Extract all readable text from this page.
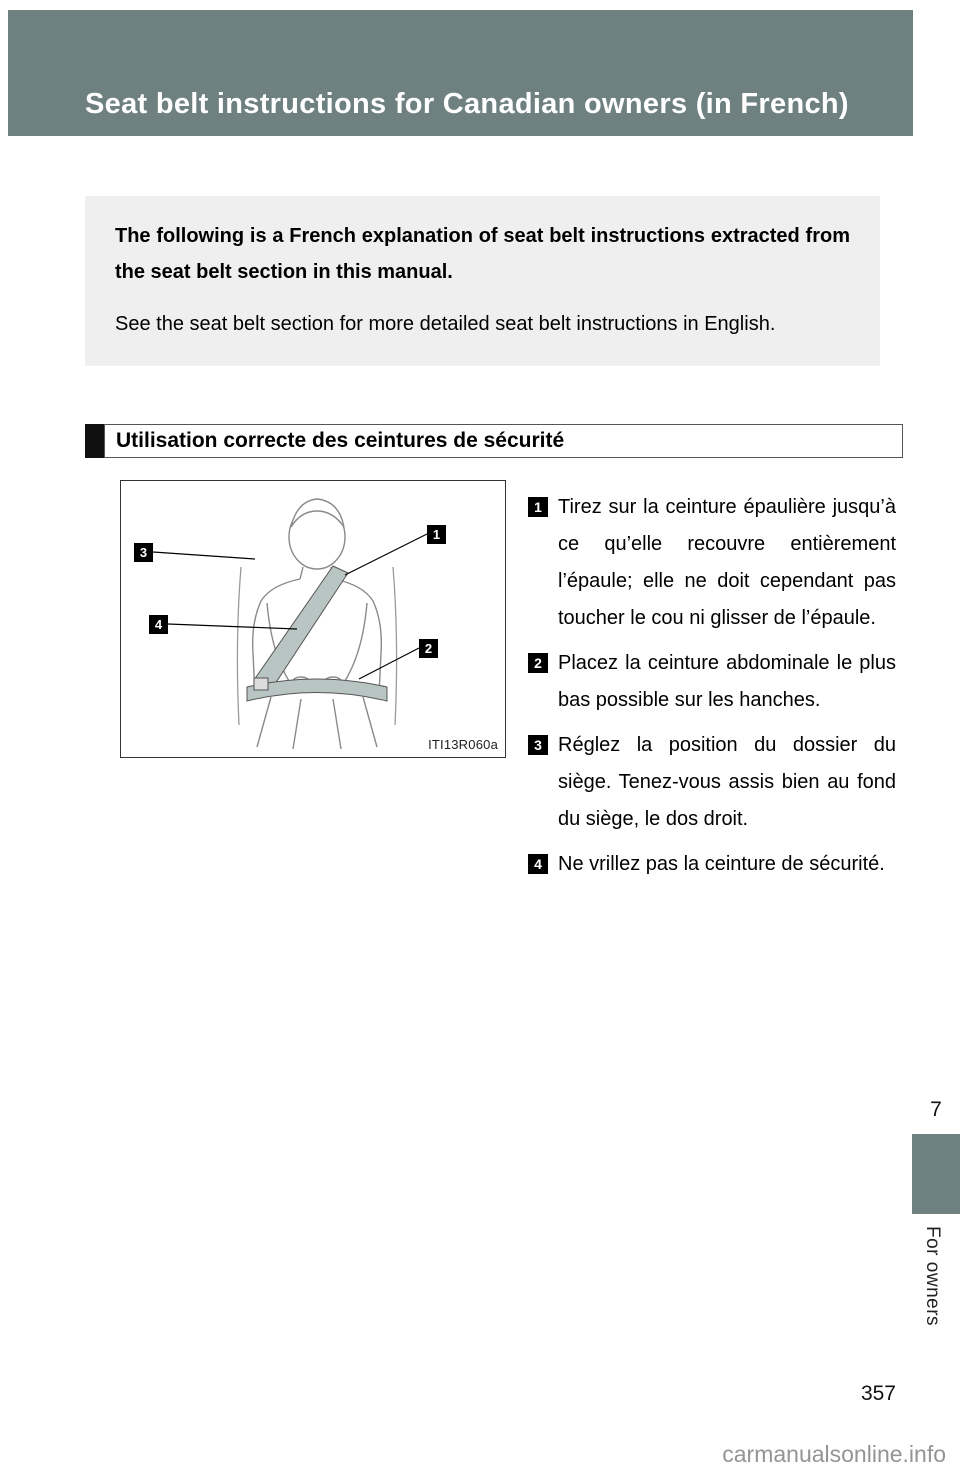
Seat belt instructions for Canadian owners (in French)

The following is a French explanation of seat belt instructions extracted from the seat belt section in this manual.

See the seat belt section for more detailed seat belt instructions in English.

Utilisation correcte des ceintures de sécurité
1
3
4
2
ITI13R060a
1 Tirez sur la ceinture épaulière jusqu’à ce qu’elle recouvre entièrement l’épaule; elle ne doit cependant pas toucher le cou ni glisser de l’épaule.
2 Placez la ceinture abdominale le plus bas possible sur les hanches.
3 Réglez la position du dossier du siège. Tenez-vous assis bien au fond du siège, le dos droit.
4 Ne vrillez pas la ceinture de sécurité.
7
For owners
357
carmanualsonline.info
